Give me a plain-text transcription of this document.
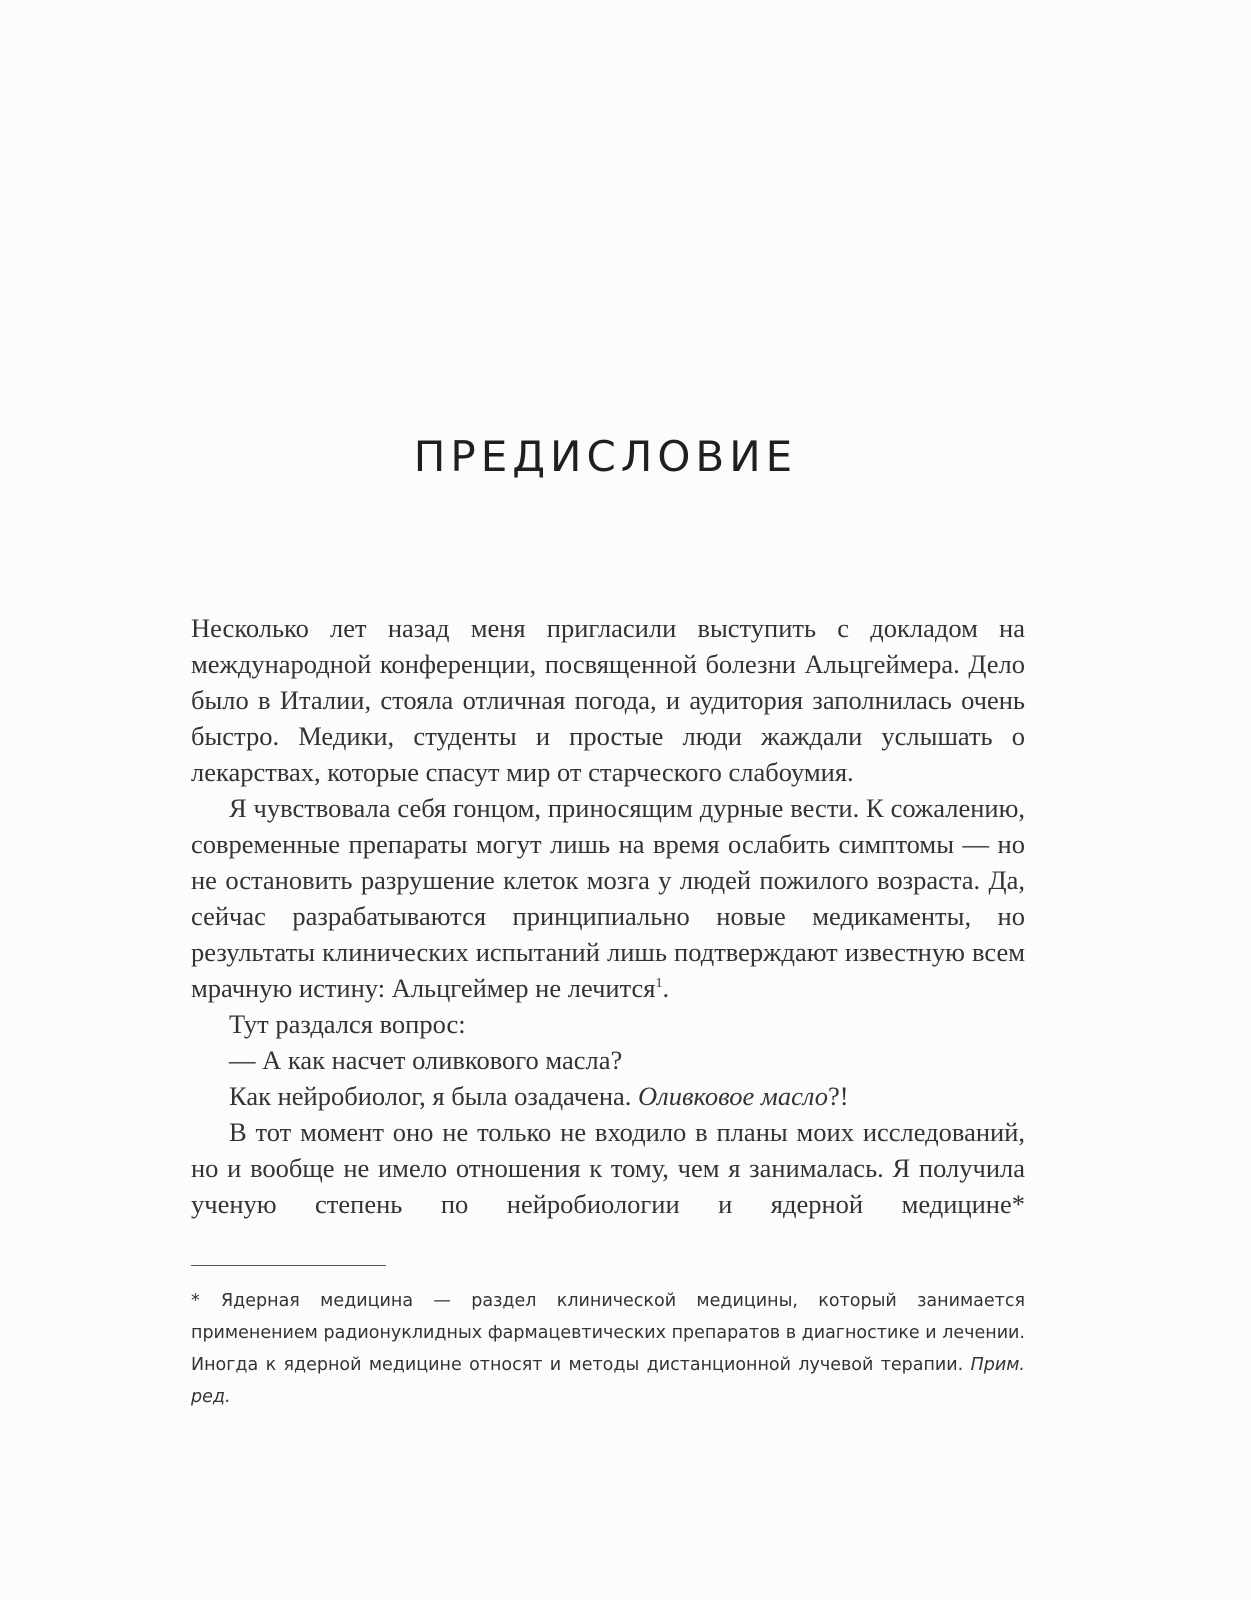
ПРЕДИСЛОВИЕ

Несколько лет назад меня пригласили выступить с докладом на международной конференции, посвященной болезни Альцгеймера. Дело было в Италии, стояла отличная погода, и аудитория заполнилась очень быстро. Медики, студенты и простые люди жаждали услышать о лекарствах, которые спасут мир от старческого слабоумия.

Я чувствовала себя гонцом, приносящим дурные вести. К сожалению, современные препараты могут лишь на время ослабить симптомы — но не остановить разрушение клеток мозга у людей пожилого возраста. Да, сейчас разрабатываются принципиально новые медикаменты, но результаты клинических испытаний лишь подтверждают известную всем мрачную истину: Альцгеймер не лечится$^1$.

Тут раздался вопрос:

— А как насчет оливкового масла?

Как нейробиолог, я была озадачена. Оливковое масло?!

В тот момент оно не только не входило в планы моих исследований, но и вообще не имело отношения к тому, чем я занималась. Я получила ученую степень по нейробиологии и ядерной медицине*

* Ядерная медицина — раздел клинической медицины, который занимается применением радионуклидных фармацевтических препаратов в диагностике и лечении. Иногда к ядерной медицине относят и методы дистанционной лучевой терапии. Прим. ред.
